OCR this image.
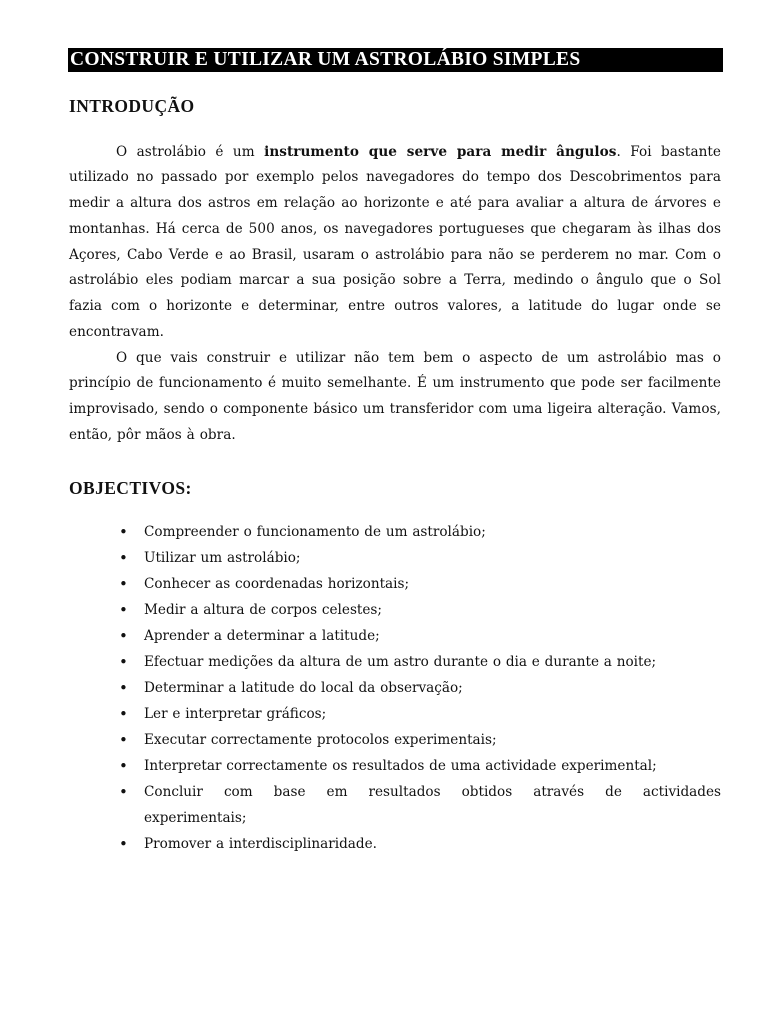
CONSTRUIR E UTILIZAR UM ASTROLÁBIO SIMPLES
INTRODUÇÃO

O astrolábio é um instrumento que serve para medir ângulos. Foi bastante utilizado no passado por exemplo pelos navegadores do tempo dos Descobrimentos para medir a altura dos astros em relação ao horizonte e até para avaliar a altura de árvores e montanhas. Há cerca de 500 anos, os navegadores portugueses que chegaram às ilhas dos Açores, Cabo Verde e ao Brasil, usaram o astrolábio para não se perderem no mar. Com o astrolábio eles podiam marcar a sua posição sobre a Terra, medindo o ângulo que o Sol fazia com o horizonte e determinar, entre outros valores, a latitude do lugar onde se encontravam.

O que vais construir e utilizar não tem bem o aspecto de um astrolábio mas o princípio de funcionamento é muito semelhante. É um instrumento que pode ser facilmente improvisado, sendo o componente básico um transferidor com uma ligeira alteração. Vamos, então, pôr mãos à obra.

OBJECTIVOS:
• Compreender o funcionamento de um astrolábio;
• Utilizar um astrolábio;
• Conhecer as coordenadas horizontais;
• Medir a altura de corpos celestes;
• Aprender a determinar a latitude;
• Efectuar medições da altura de um astro durante o dia e durante a noite;
• Determinar a latitude do local da observação;
• Ler e interpretar gráficos;
• Executar correctamente protocolos experimentais;
• Interpretar correctamente os resultados de uma actividade experimental;
• Concluir com base em resultados obtidos através de actividades
experimentais;
• Promover a interdisciplinaridade.
